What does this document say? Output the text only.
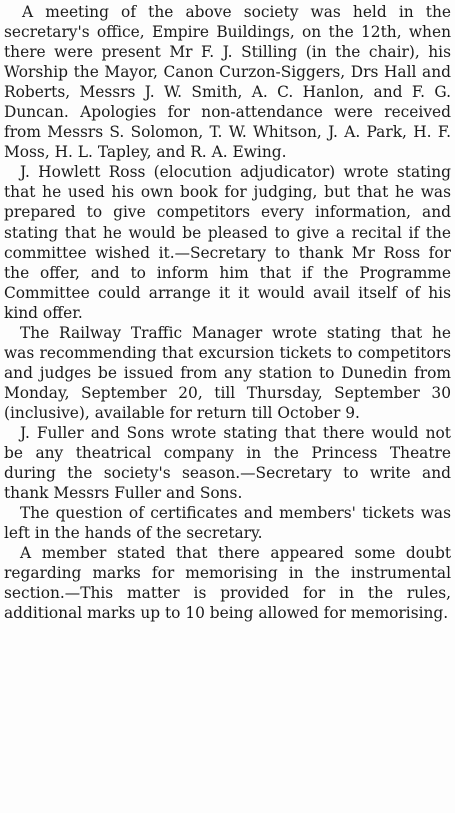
A meeting of the above society was held in the secretary's office, Empire Buildings, on the 12th, when there were present Mr F. J. Stilling (in the chair), his Worship the Mayor, Canon Curzon-Siggers, Drs Hall and Roberts, Messrs J. W. Smith, A. C. Hanlon, and F. G. Duncan. Apologies for non-attendance were received from Messrs S. Solomon, T. W. Whitson, J. A. Park, H. F. Moss, H. L. Tapley, and R. A. Ewing.

J. Howlett Ross (elocution adjudicator) wrote stating that he used his own book for judging, but that he was prepared to give competitors every information, and stating that he would be pleased to give a recital if the committee wished it.—Secretary to thank Mr Ross for the offer, and to inform him that if the Programme Committee could arrange it it would avail itself of his kind offer.

The Railway Traffic Manager wrote stating that he was recommending that excursion tickets to competitors and judges be issued from any station to Dunedin from Monday, September 20, till Thursday, September 30 (inclusive), available for return till October 9.

J. Fuller and Sons wrote stating that there would not be any theatrical company in the Princess Theatre during the society's season.—Secretary to write and thank Messrs Fuller and Sons.

The question of certificates and members' tickets was left in the hands of the secretary.

A member stated that there appeared some doubt regarding marks for memorising in the instrumental section.—This matter is provided for in the rules, additional marks up to 10 being allowed for memorising.
